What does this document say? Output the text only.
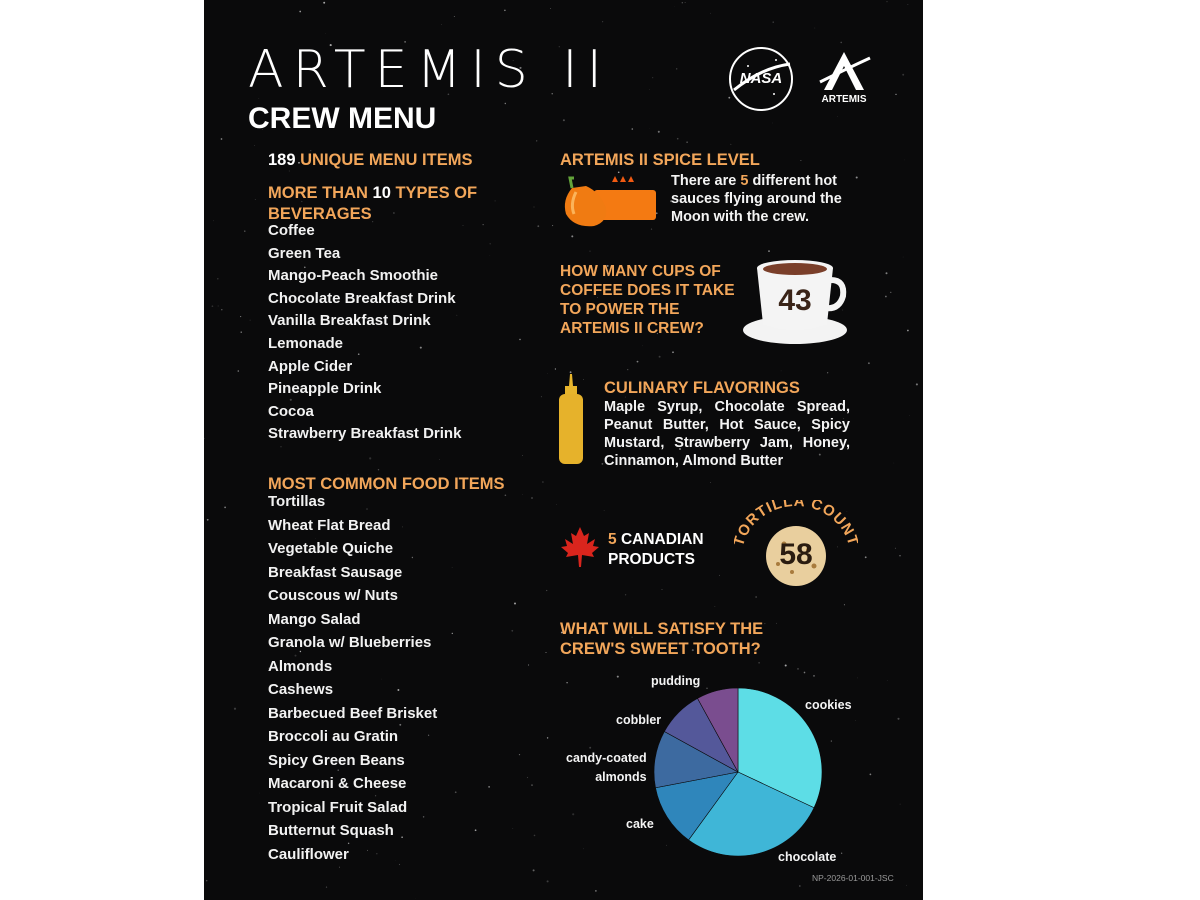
ARTEMIS II
CREW MENU
NASA
ARTEMIS
189 UNIQUE MENU ITEMS
MORE THAN 10 TYPES OF
BEVERAGES
Coffee
Green Tea
Mango-Peach Smoothie
Chocolate Breakfast Drink
Vanilla Breakfast Drink
Lemonade
Apple Cider
Pineapple Drink
Cocoa
Strawberry Breakfast Drink
MOST COMMON FOOD ITEMS
Tortillas
Wheat Flat Bread
Vegetable Quiche
Breakfast Sausage
Couscous w/ Nuts
Mango Salad
Granola w/ Blueberries
Almonds
Cashews
Barbecued Beef Brisket
Broccoli au Gratin
Spicy Green Beans
Macaroni & Cheese
Tropical Fruit Salad
Butternut Squash
Cauliflower
ARTEMIS II SPICE LEVEL
There are 5 different hot
sauces flying around the
Moon with the crew.
HOW MANY CUPS OF
COFFEE DOES IT TAKE
TO POWER THE
ARTEMIS II CREW?
43
CULINARY FLAVORINGS
Maple Syrup, Chocolate Spread,
Peanut Butter, Hot Sauce, Spicy
Mustard, Strawberry Jam, Honey,
Cinnamon, Almond Butter
5 CANADIAN
PRODUCTS
ORTILLA COUN
58
WHAT WILL SATISFY THE
CREW'S SWEET TOOTH?
pudding
cobbler
candy-coated
almonds
cake
chocolate
cookies
NP-2026-01-001-JSC
